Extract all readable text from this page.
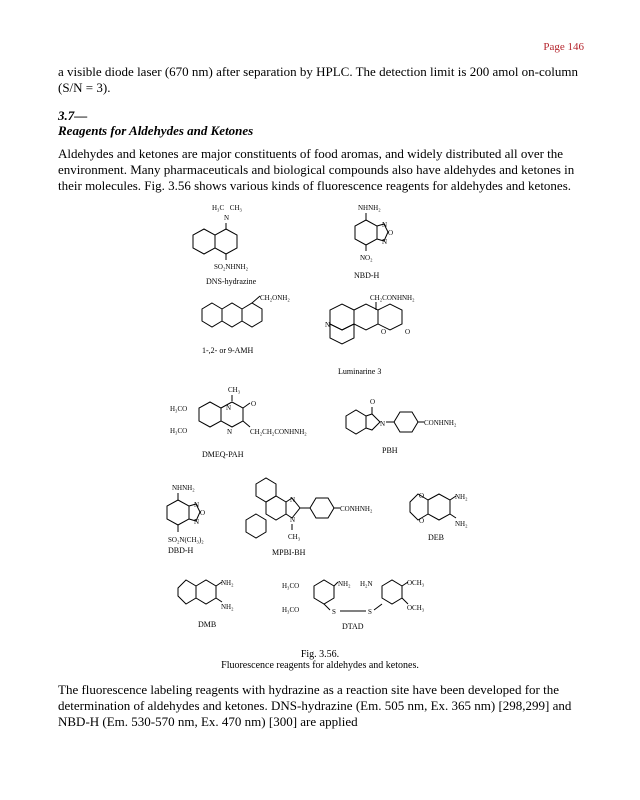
Page 146

a visible diode laser (670 nm) after separation by HPLC. The detection limit is 200 amol on-column (S/N = 3).

3.7—
Reagents for Aldehydes and Ketones

Aldehydes and ketones are major constituents of food aromas, and widely distributed all over the environment. Many pharmaceuticals and biological compounds also have aldehydes and ketones in their molecules. Fig. 3.56 shows various kinds of fluorescence reagents for aldehydes and ketones.

H₃C    CH₃
N
SO₂NHNH₂
DNS-hydrazine
NHNH₂
N
O
N
NO₂
NBD-H
CH₂ONH₂
1-,2- or 9-AMH
CH₂CONHNH₂
N
O	O
Luminarine 3
CH₃
N	O
H₃CO
H₃CO	N	CH₂CH₂CONHNH₂
DMEQ-PAH
O
N	CONHNH₂
PBH
NHNH₂
N
O
N
SO₂N(CH₃)₂
DBD-H
N
N
CH₃
CONHNH₂
MPBI-BH
O
O
NH₂
NH₂
DEB
NH₂
NH₂
DMB
H₃CO
H₃CO
NH₂ H₂N
S	S
OCH₃
OCH₃
DTAD
Fig. 3.56.
Fluorescence reagents for aldehydes and ketones.

The fluorescence labeling reagents with hydrazine as a reaction site have been developed for the determination of aldehydes and ketones. DNS-hydrazine (Em. 505 nm, Ex. 365 nm) [298,299] and NBD-H (Em. 530-570 nm, Ex. 470 nm) [300] are applied
